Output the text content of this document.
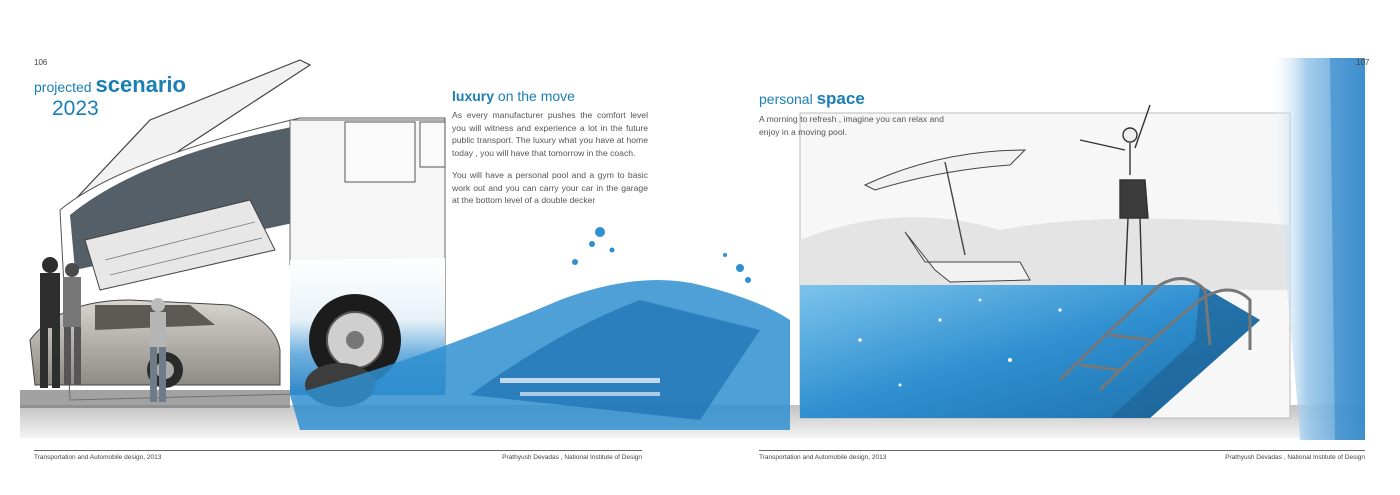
106
projected scenario
2023
luxury on the move

As every manufacturer pushes the comfort level you will witness and experience a lot in the future public transport. The luxury what you have at home today , you will have that tomorrow in the coach.

You will have a personal pool and a gym to basic work out and you can carry your car in the garage at the bottom level of a double decker

Transportation and Automobile design, 2013	Prathyush Devadas , National Institute of Design
107
personal space

A morning to refresh , imagine you can relax and enjoy in a moving pool.

Transportation and Automobile design, 2013	Prathyush Devadas , National Institute of Design
